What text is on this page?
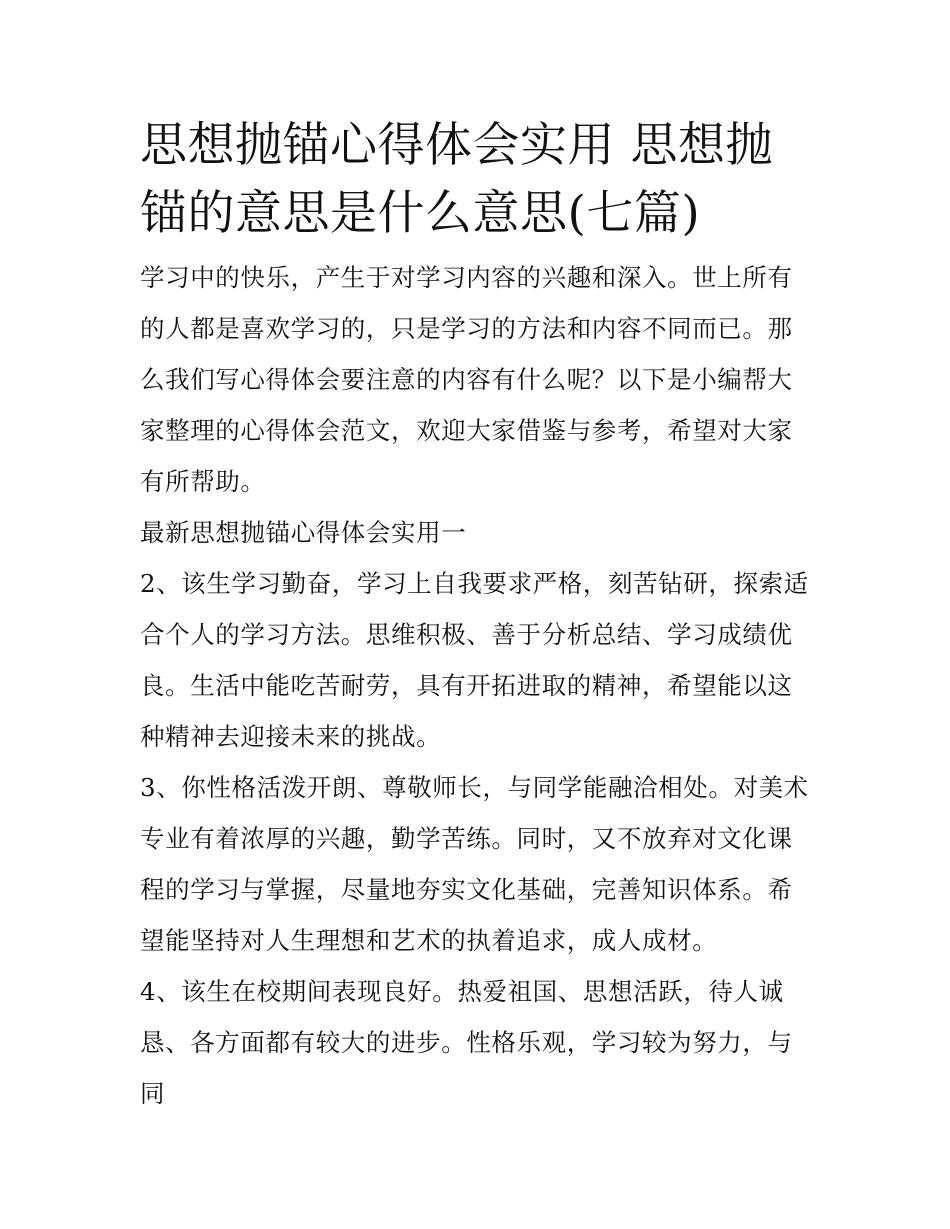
思想抛锚心得体会实用 思想抛锚的意思是什么意思(七篇)

学习中的快乐，产生于对学习内容的兴趣和深入。世上所有的人都是喜欢学习的，只是学习的方法和内容不同而已。那么我们写心得体会要注意的内容有什么呢？以下是小编帮大家整理的心得体会范文，欢迎大家借鉴与参考，希望对大家有所帮助。

最新思想抛锚心得体会实用一

2、该生学习勤奋，学习上自我要求严格，刻苦钻研，探索适合个人的学习方法。思维积极、善于分析总结、学习成绩优良。生活中能吃苦耐劳，具有开拓进取的精神，希望能以这种精神去迎接未来的挑战。

3、你性格活泼开朗、尊敬师长，与同学能融洽相处。对美术专业有着浓厚的兴趣，勤学苦练。同时，又不放弃对文化课程的学习与掌握，尽量地夯实文化基础，完善知识体系。希望能坚持对人生理想和艺术的执着追求，成人成材。

4、该生在校期间表现良好。热爱祖国、思想活跃，待人诚恳、各方面都有较大的进步。性格乐观，学习较为努力，与同
